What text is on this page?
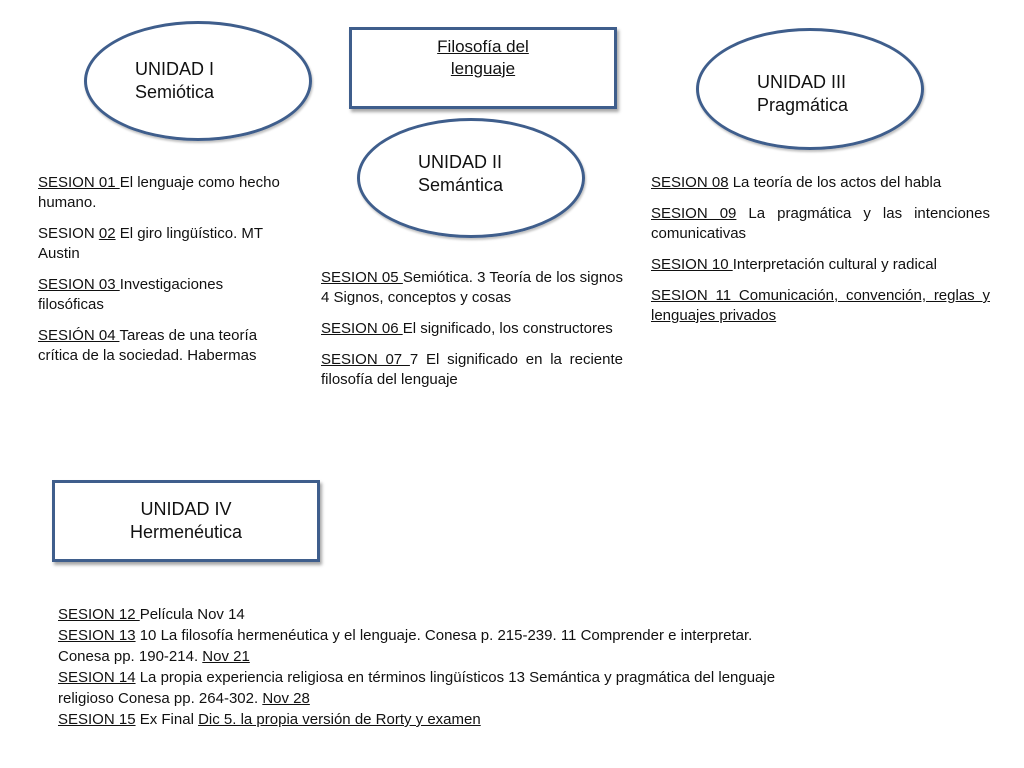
Filosofía del
lenguaje
UNIDAD I
Semiótica
UNIDAD II
Semántica
UNIDAD III
Pragmática
UNIDAD IV
Hermenéutica

SESION 01 El lenguaje como hecho humano.

SESION 02 El giro lingüístico. MT Austin

SESION 03 Investigaciones filosóficas

SESIÓN 04 Tareas de una teoría crítica de la sociedad. Habermas

SESION 05 Semiótica. 3 Teoría de los signos 4 Signos, conceptos y cosas

SESION 06 El significado, los constructores

SESION 07 7 El significado en la reciente filosofía del lenguaje

SESION 08 La teoría de los actos del habla

SESION 09 La pragmática y las intenciones comunicativas

SESION 10 Interpretación cultural y radical

SESION 11 Comunicación, convención, reglas y lenguajes privados

SESION 12 Película Nov 14

SESION 13 10 La filosofía hermenéutica y el lenguaje. Conesa p. 215-239. 11 Comprender e interpretar. Conesa pp. 190-214. Nov 21

SESION 14 La propia experiencia religiosa en términos lingüísticos 13 Semántica y pragmática del lenguaje religioso Conesa pp. 264-302. Nov 28

SESION 15 Ex Final Dic 5. la propia versión de Rorty y examen
